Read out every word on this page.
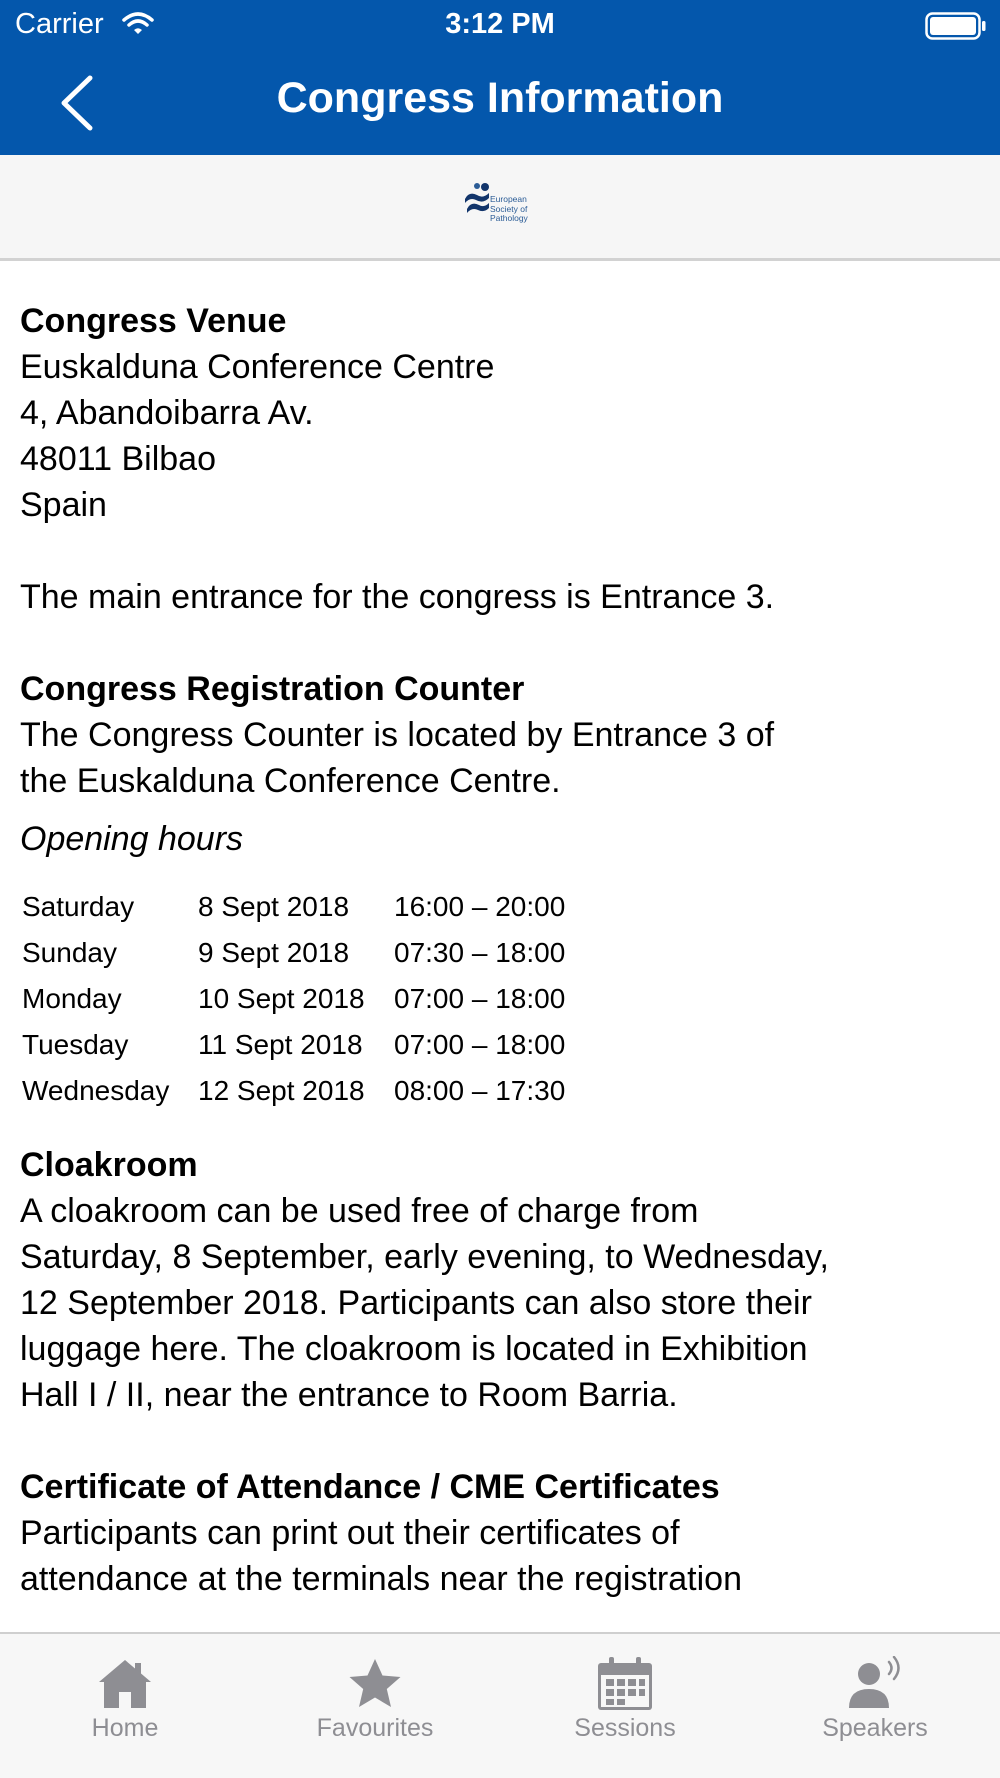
Carrier	3:12 PM
Congress Information
European
Society of
Pathology
Congress Venue
Euskalduna Conference Centre
4, Abandoibarra Av.
48011 Bilbao
Spain
The main entrance for the congress is Entrance 3.
Congress Registration Counter
The Congress Counter is located by Entrance 3 of
the Euskalduna Conference Centre.
Opening hours
Saturday	8 Sept 2018	16:00 – 20:00
Sunday	9 Sept 2018	07:30 – 18:00
Monday	10 Sept 2018	07:00 – 18:00
Tuesday	11 Sept 2018	07:00 – 18:00
Wednesday	12 Sept 2018	08:00 – 17:30
Cloakroom
A cloakroom can be used free of charge from
Saturday, 8 September, early evening, to Wednesday,
12 September 2018. Participants can also store their
luggage here. The cloakroom is located in Exhibition
Hall I / II, near the entrance to Room Barria.
Certificate of Attendance / CME Certificates
Participants can print out their certificates of
attendance at the terminals near the registration
Home	Favourites	Sessions	Speakers
